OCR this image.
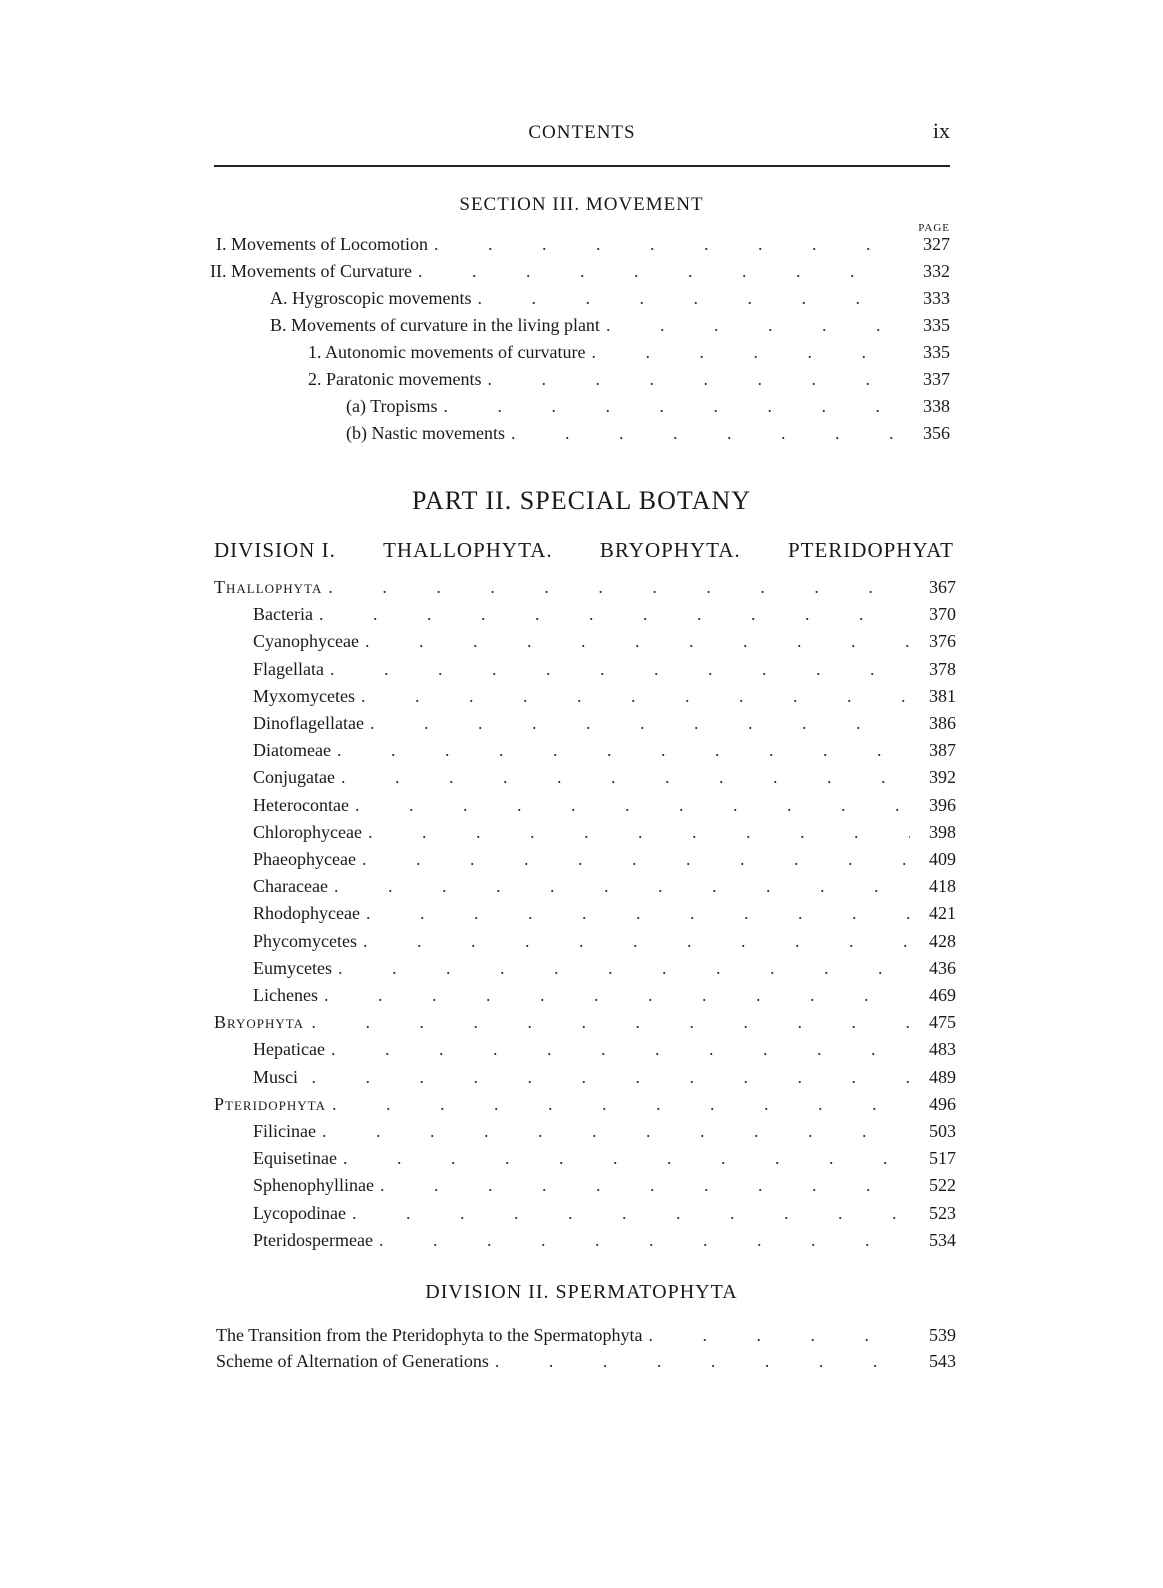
CONTENTS	ix
SECTION III. MOVEMENT
PAGE
I. Movements of Locomotion .	327
II. Movements of Curvature .	332
A. Hygroscopic movements .	333
B. Movements of curvature in the living plant .	335
1. Autonomic movements of curvature .	335
2. Paratonic movements .	337
(a) Tropisms .	338
(b) Nastic movements .	356
PART II. SPECIAL BOTANY
DIVISION I. THALLOPHYTA. BRYOPHYTA. PTERIDOPHYAT
Thallophyta .	367
Bacteria .	370
Cyanophyceae .	376
Flagellata .	378
Myxomycetes .	381
Dinoflagellatae .	386
Diatomeae .	387
Conjugatae .	392
Heterocontae .	396
Chlorophyceae .	398
Phaeophyceae .	409
Characeae .	418
Rhodophyceae .	421
Phycomycetes .	428
Eumycetes .	436
Lichenes .	469
Bryophyta .	475
Hepaticae .	483
Musci .	489
Pteridophyta .	496
Filicinae .	503
Equisetinae .	517
Sphenophyllinae .	522
Lycopodinae .	523
Pteridospermeae .	534
DIVISION II. SPERMATOPHYTA
The Transition from the Pteridophyta to the Spermatophyta .	539
Scheme of Alternation of Generations .	543
